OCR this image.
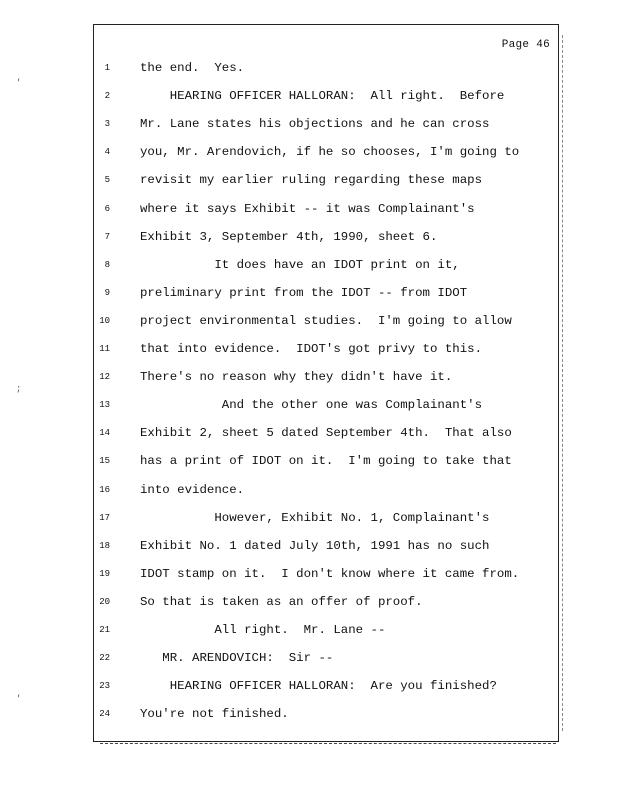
Page 46
1 the end.  Yes.
2 HEARING OFFICER HALLORAN:  All right.  Before
3 Mr. Lane states his objections and he can cross
4 you, Mr. Arendovich, if he so chooses, I'm going to
5 revisit my earlier ruling regarding these maps
6 where it says Exhibit -- it was Complainant's
7 Exhibit 3, September 4th, 1990, sheet 6.
8 It does have an IDOT print on it,
9 preliminary print from the IDOT -- from IDOT
10 project environmental studies.  I'm going to allow
11 that into evidence.  IDOT's got privy to this.
12 There's no reason why they didn't have it.
13 And the other one was Complainant's
14 Exhibit 2, sheet 5 dated September 4th.  That also
15 has a print of IDOT on it.  I'm going to take that
16 into evidence.
17 However, Exhibit No. 1, Complainant's
18 Exhibit No. 1 dated July 10th, 1991 has no such
19 IDOT stamp on it.  I don't know where it came from.
20 So that is taken as an offer of proof.
21 All right.  Mr. Lane --
22 MR. ARENDOVICH:  Sir --
23 HEARING OFFICER HALLORAN:  Are you finished?
24 You're not finished.
'
;
'
